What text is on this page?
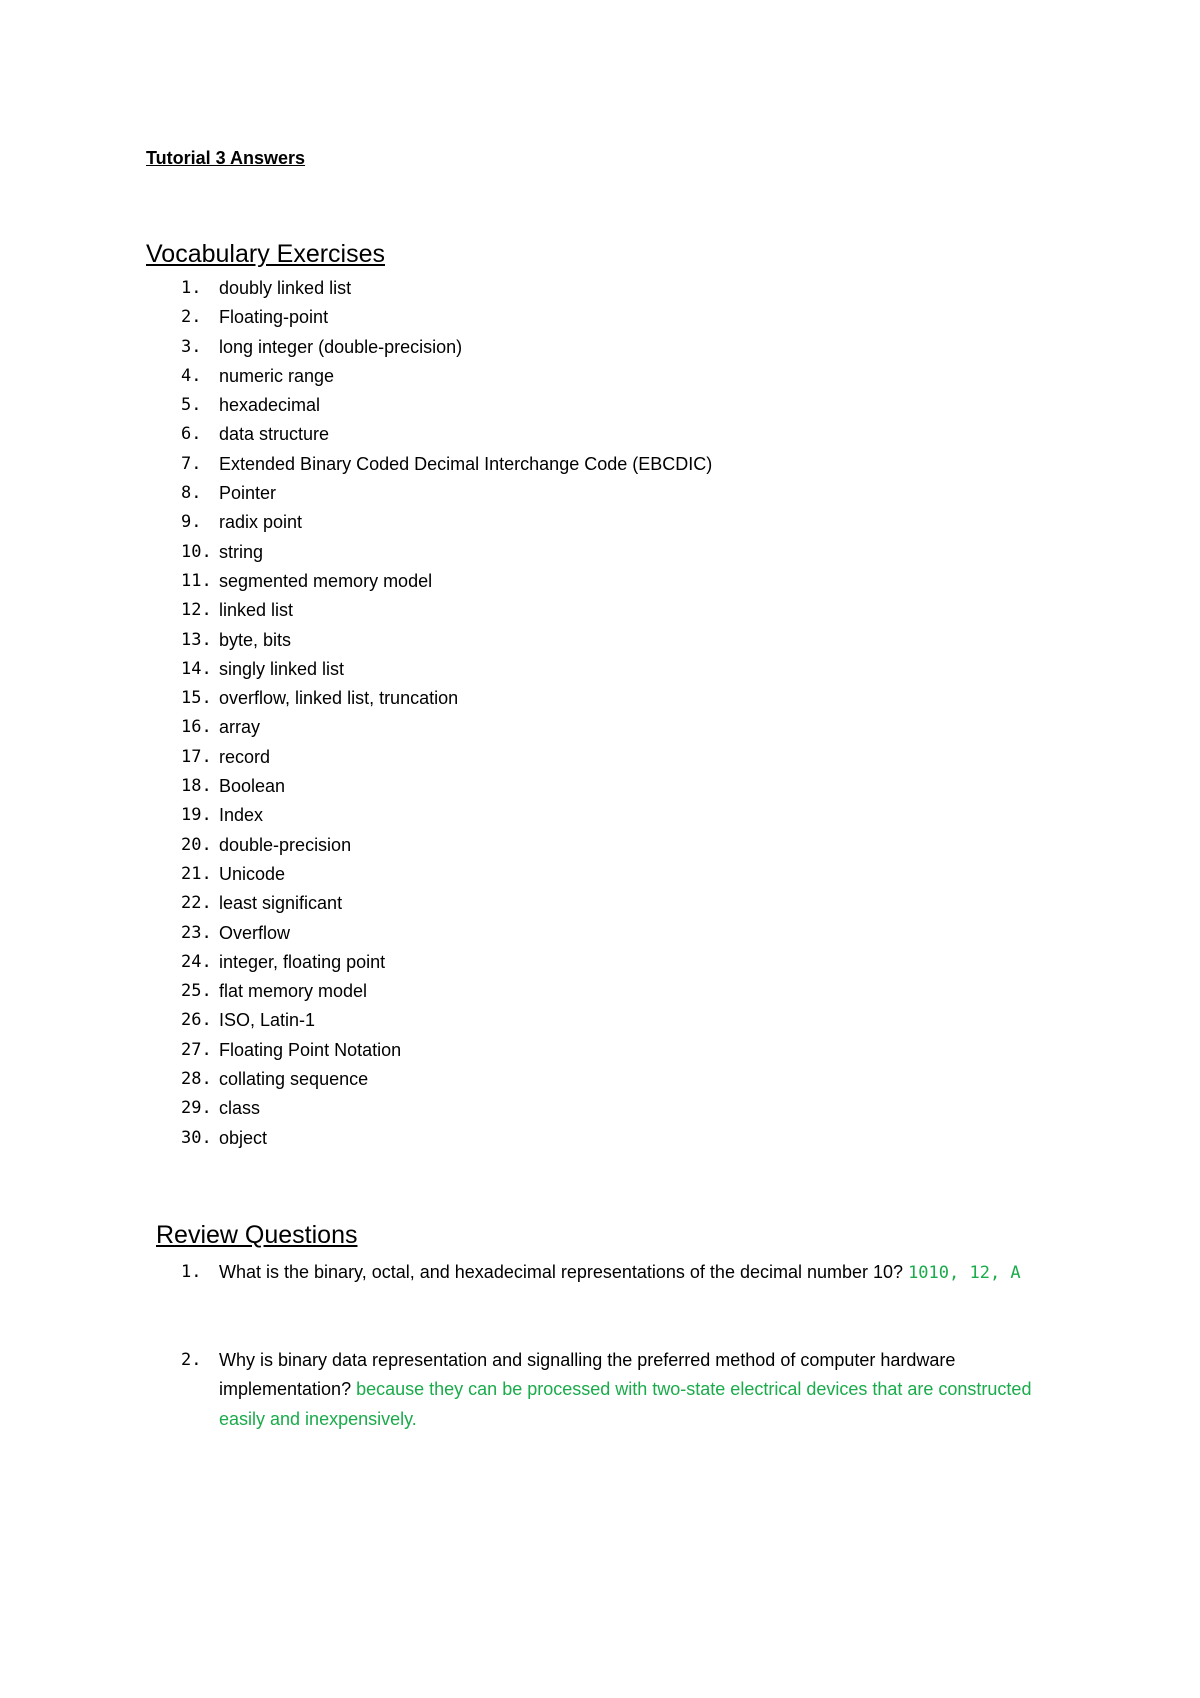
Tutorial 3 Answers
Vocabulary Exercises
1. doubly linked list
2. Floating-point
3. long integer (double-precision)
4. numeric range
5. hexadecimal
6. data structure
7. Extended Binary Coded Decimal Interchange Code (EBCDIC)
8. Pointer
9. radix point
10. string
11. segmented memory model
12. linked list
13. byte, bits
14. singly linked list
15. overflow, linked list, truncation
16. array
17. record
18. Boolean
19. Index
20. double-precision
21. Unicode
22. least significant
23. Overflow
24. integer, floating point
25. flat memory model
26. ISO, Latin-1
27. Floating Point Notation
28. collating sequence
29. class
30. object
Review Questions
1. What is the binary, octal, and hexadecimal representations of the decimal number 10? 1010, 12, A
2. Why is binary data representation and signalling the preferred method of computer hardware implementation? because they can be processed with two-state electrical devices that are constructed easily and inexpensively.
